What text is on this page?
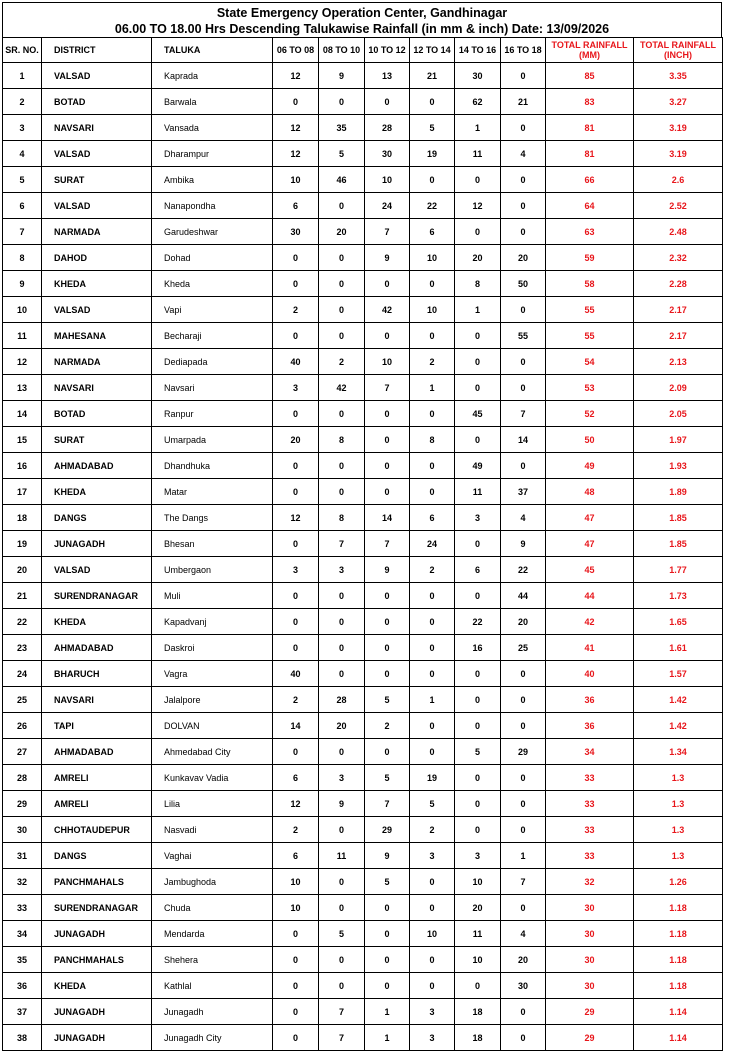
State Emergency Operation Center, Gandhinagar
06.00 TO 18.00 Hrs Descending Talukawise Rainfall (in mm & inch) Date: 13/09/2026
SR. NO.	DISTRICT	TALUKA	06 TO 08	08 TO 10	10 TO 12	12 TO 14	14 TO 16	16 TO 18	TOTAL RAINFALL (MM)	TOTAL RAINFALL (INCH)
1	VALSAD	Kaprada	12	9	13	21	30	0	85	3.35
2	BOTAD	Barwala	0	0	0	0	62	21	83	3.27
3	NAVSARI	Vansada	12	35	28	5	1	0	81	3.19
4	VALSAD	Dharampur	12	5	30	19	11	4	81	3.19
5	SURAT	Ambika	10	46	10	0	0	0	66	2.6
6	VALSAD	Nanapondha	6	0	24	22	12	0	64	2.52
7	NARMADA	Garudeshwar	30	20	7	6	0	0	63	2.48
8	DAHOD	Dohad	0	0	9	10	20	20	59	2.32
9	KHEDA	Kheda	0	0	0	0	8	50	58	2.28
10	VALSAD	Vapi	2	0	42	10	1	0	55	2.17
11	MAHESANA	Becharaji	0	0	0	0	0	55	55	2.17
12	NARMADA	Dediapada	40	2	10	2	0	0	54	2.13
13	NAVSARI	Navsari	3	42	7	1	0	0	53	2.09
14	BOTAD	Ranpur	0	0	0	0	45	7	52	2.05
15	SURAT	Umarpada	20	8	0	8	0	14	50	1.97
16	AHMADABAD	Dhandhuka	0	0	0	0	49	0	49	1.93
17	KHEDA	Matar	0	0	0	0	11	37	48	1.89
18	DANGS	The Dangs	12	8	14	6	3	4	47	1.85
19	JUNAGADH	Bhesan	0	7	7	24	0	9	47	1.85
20	VALSAD	Umbergaon	3	3	9	2	6	22	45	1.77
21	SURENDRANAGAR	Muli	0	0	0	0	0	44	44	1.73
22	KHEDA	Kapadvanj	0	0	0	0	22	20	42	1.65
23	AHMADABAD	Daskroi	0	0	0	0	16	25	41	1.61
24	BHARUCH	Vagra	40	0	0	0	0	0	40	1.57
25	NAVSARI	Jalalpore	2	28	5	1	0	0	36	1.42
26	TAPI	DOLVAN	14	20	2	0	0	0	36	1.42
27	AHMADABAD	Ahmedabad City	0	0	0	0	5	29	34	1.34
28	AMRELI	Kunkavav Vadia	6	3	5	19	0	0	33	1.3
29	AMRELI	Lilia	12	9	7	5	0	0	33	1.3
30	CHHOTAUDEPUR	Nasvadi	2	0	29	2	0	0	33	1.3
31	DANGS	Vaghai	6	11	9	3	3	1	33	1.3
32	PANCHMAHALS	Jambughoda	10	0	5	0	10	7	32	1.26
33	SURENDRANAGAR	Chuda	10	0	0	0	20	0	30	1.18
34	JUNAGADH	Mendarda	0	5	0	10	11	4	30	1.18
35	PANCHMAHALS	Shehera	0	0	0	0	10	20	30	1.18
36	KHEDA	Kathlal	0	0	0	0	0	30	30	1.18
37	JUNAGADH	Junagadh	0	7	1	3	18	0	29	1.14
38	JUNAGADH	Junagadh City	0	7	1	3	18	0	29	1.14
